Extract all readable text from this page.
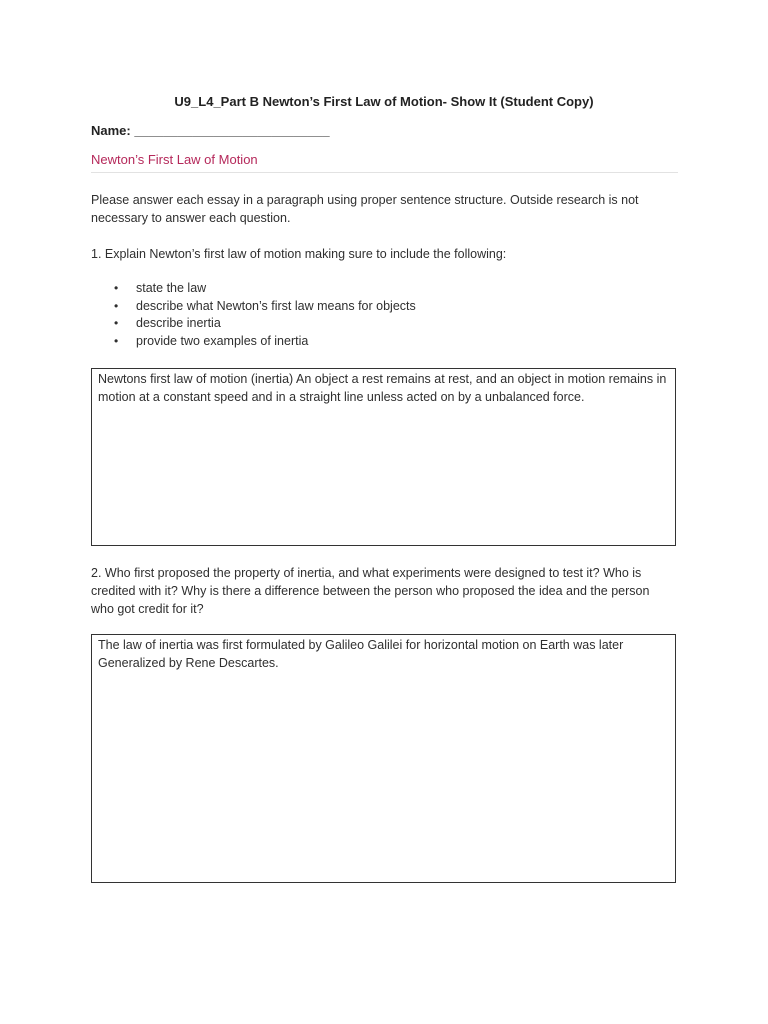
U9_L4_Part B Newton’s First Law of Motion- Show It (Student Copy)
Name: ___________________________
Newton’s First Law of Motion
Please answer each essay in a paragraph using proper sentence structure. Outside research is not necessary to answer each question.
1. Explain Newton’s first law of motion making sure to include the following:
• state the law
• describe what Newton’s first law means for objects
• describe inertia
• provide two examples of inertia
Newtons first law of motion (inertia) An object a rest remains at rest, and an object in motion remains in motion at a constant speed and in a straight line unless acted on by a unbalanced force.
2. Who first proposed the property of inertia, and what experiments were designed to test it? Who is credited with it? Why is there a difference between the person who proposed the idea and the person who got credit for it?
The law of inertia was first formulated by Galileo Galilei for horizontal motion on Earth was later Generalized by Rene Descartes.
